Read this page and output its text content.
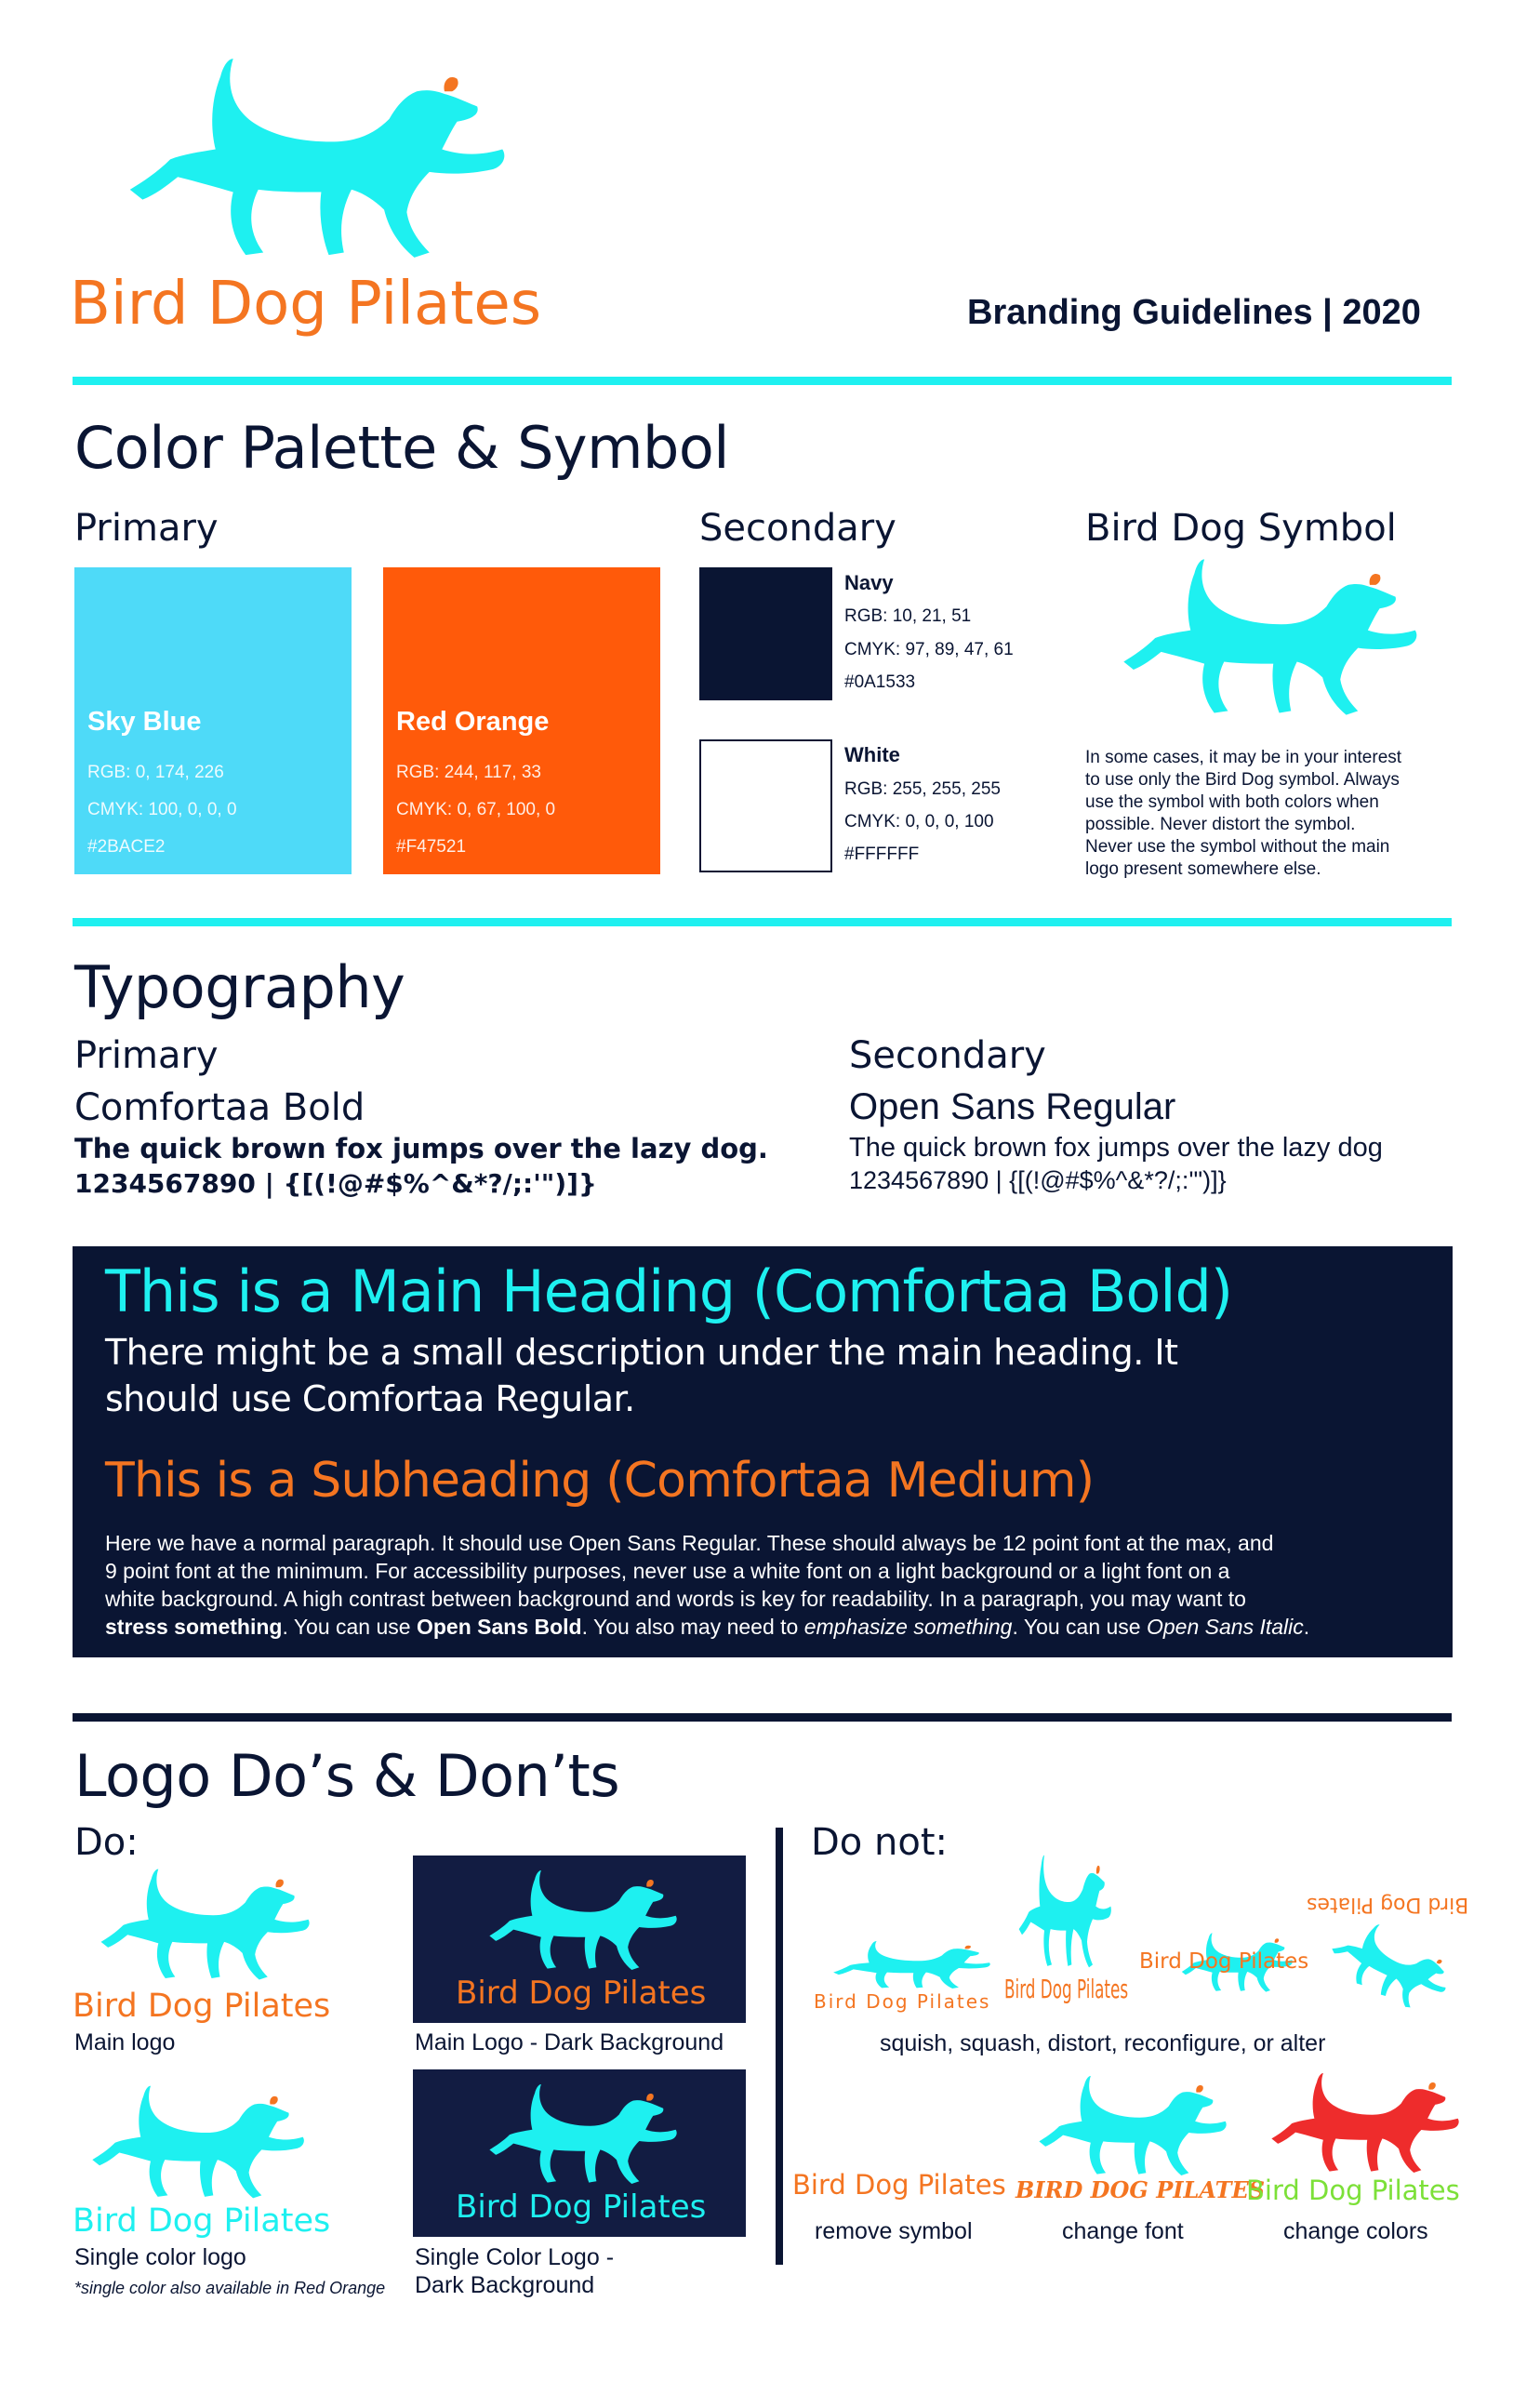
Bird Dog Pilates	Branding Guidelines | 2020
Color Palette & Symbol
Primary	Secondary	Bird Dog Symbol
Sky Blue
RGB: 0, 174, 226
CMYK: 100, 0, 0, 0
#2BACE2
Red Orange
RGB: 244, 117, 33
CMYK: 0, 67, 100, 0
#F47521
Navy
RGB: 10, 21, 51
CMYK: 97, 89, 47, 61
#0A1533
White
RGB: 255, 255, 255
CMYK: 0, 0, 0, 100
#FFFFFF
In some cases, it may be in your interest
to use only the Bird Dog symbol. Always
use the symbol with both colors when
possible. Never distort the symbol.
Never use the symbol without the main
logo present somewhere else.
Typography
Primary	Secondary
Comfortaa Bold
The quick brown fox jumps over the lazy dog.
1234567890 | {[(!@#$%^&*?/;:'")]}
Open Sans Regular
The quick brown fox jumps over the lazy dog
1234567890 | {[(!@#$%^&*?/;:'")]}
This is a Main Heading (Comfortaa Bold)
There might be a small description under the main heading. It
should use Comfortaa Regular.
This is a Subheading (Comfortaa Medium)
Here we have a normal paragraph. It should use Open Sans Regular. These should always be 12 point font at the max, and
9 point font at the minimum. For accessibility purposes, never use a white font on a light background or a light font on a
white background. A high contrast between background and words is key for readability. In a paragraph, you may want to
stress something. You can use Open Sans Bold. You also may need to emphasize something. You can use Open Sans Italic.
Logo Do’s & Don’ts
Do:	Do not:
Bird Dog Pilates
Main logo
Bird Dog Pilates
Main Logo - Dark Background
Bird Dog Pilates
Single color logo
*single color also available in Red Orange
Bird Dog Pilates
Single Color Logo -
Dark Background
Bird Dog Pilates Bird Dog Pilates
Bird Dog Pilates
Bird Dog Pilates
squish, squash, distort, reconfigure, or alter
Bird Dog Pilates
remove symbol
BIRD DOG PILATES
change font
Bird Dog Pilates
change colors
